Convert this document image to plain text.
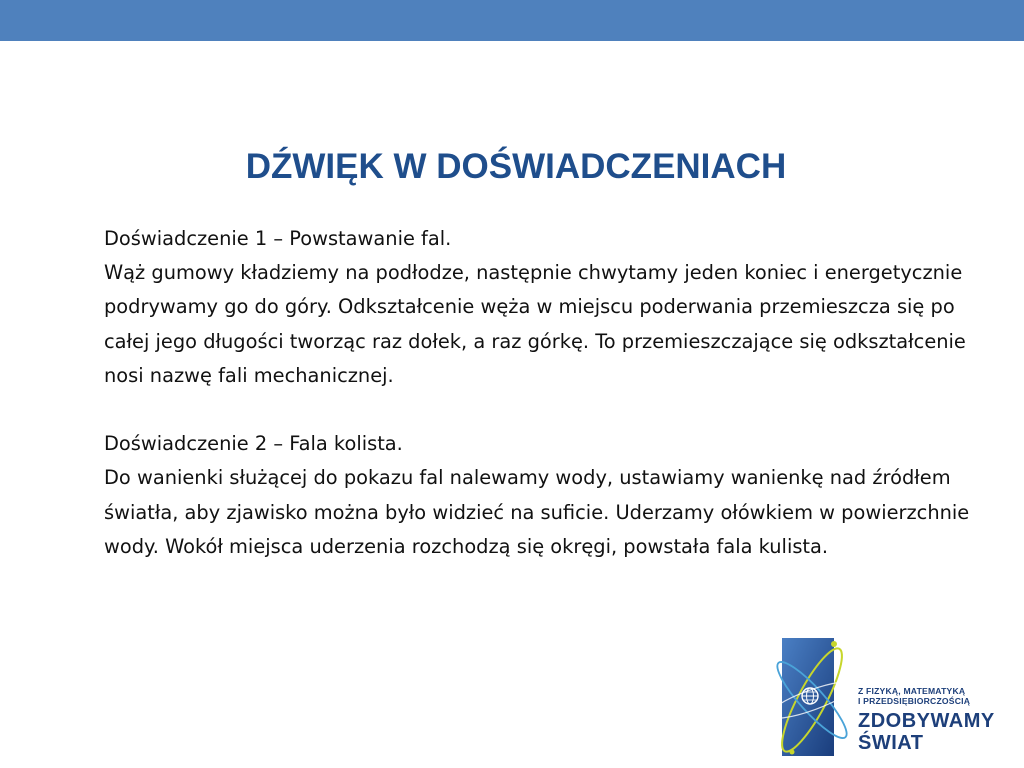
DŹWIĘK W DOŚWIADCZENIACH

Doświadczenie 1 – Powstawanie fal.

Wąż gumowy kładziemy na podłodze, następnie chwytamy jeden koniec i energetycznie podrywamy go do góry. Odkształcenie węża w miejscu poderwania przemieszcza się po całej jego długości tworząc raz dołek, a raz górkę. To przemieszczające się odkształcenie nosi nazwę fali mechanicznej.

Doświadczenie 2 – Fala kolista.

Do wanienki służącej do pokazu fal nalewamy wody, ustawiamy wanienkę nad źródłem światła, aby zjawisko można było widzieć na suficie. Uderzamy ołówkiem w powierzchnie wody. Wokół miejsca uderzenia rozchodzą się okręgi, powstała fala kulista.

Z FIZYKĄ, MATEMATYKĄ
I PRZEDSIĘBIORCZOŚCIĄ
ZDOBYWAMY
ŚWIAT
